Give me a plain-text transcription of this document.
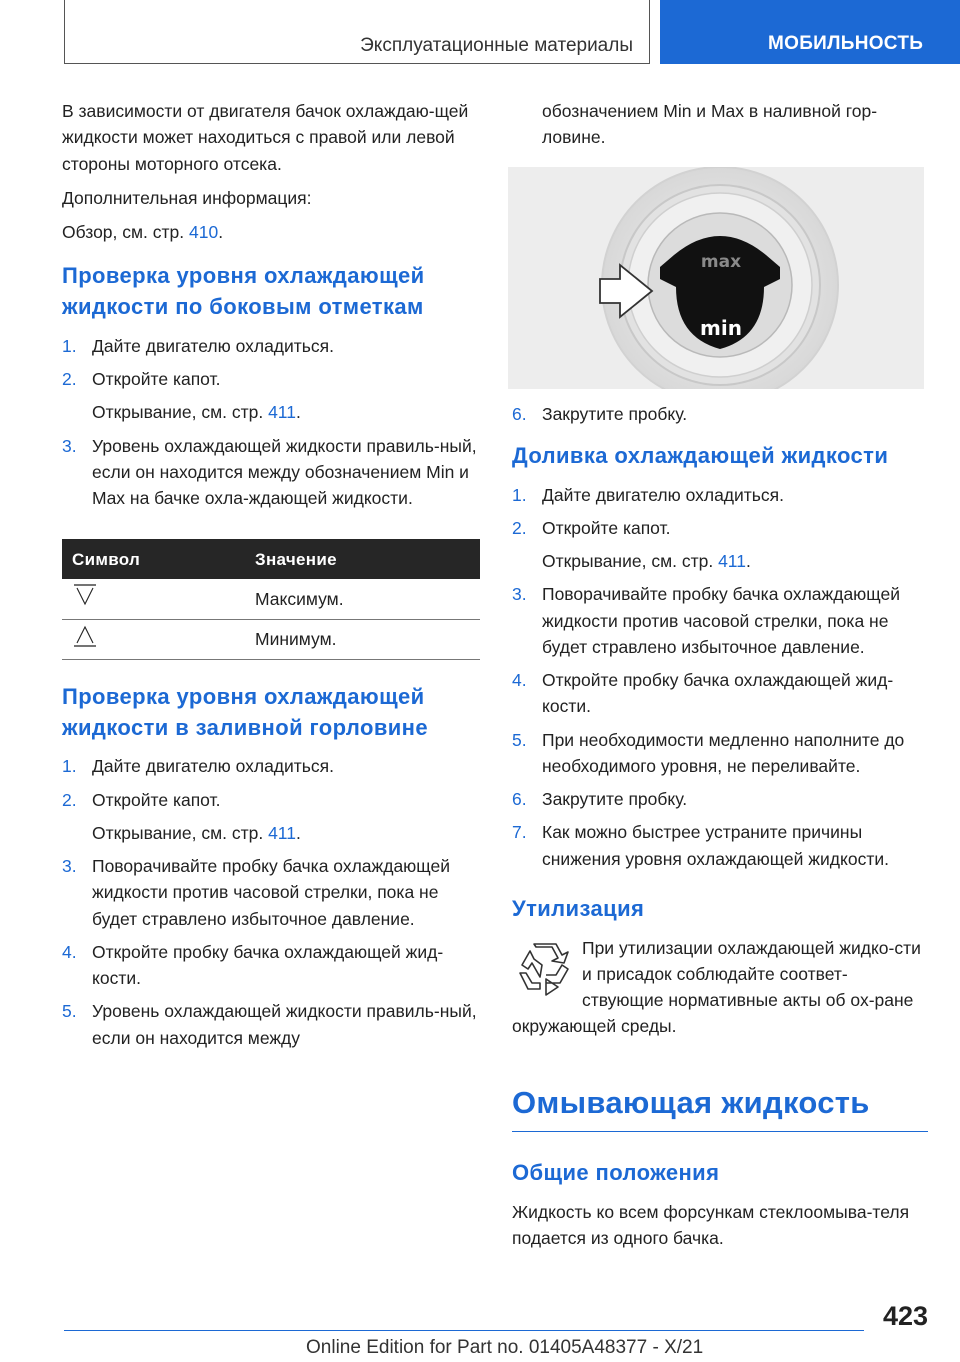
Эксплуатационные материалы	МОБИЛЬНОСТЬ

В зависимости от двигателя бачок охлаждаю-щей жидкости может находиться с правой или левой стороны моторного отсека.

Дополнительная информация:

Обзор, см. стр. 410.

Проверка уровня охлаждающей жидкости по боковым отметкам
1. Дайте двигателю охладиться.
2. Откройте капот.
Открывание, см. стр. 411.
3. Уровень охлаждающей жидкости правиль-ный, если он находится между обозначением Min и Max на бачке охла-ждающей жидкости.
Символ	Значение
	Максимум.
	Минимум.
Проверка уровня охлаждающей жидкости в заливной горловине
1. Дайте двигателю охладиться.
2. Откройте капот.
Открывание, см. стр. 411.
3. Поворачивайте пробку бачка охлаждающей жидкости против часовой стрелки, пока не будет стравлено избыточное давление.
4. Откройте пробку бачка охлаждающей жид-кости.
5. Уровень охлаждающей жидкости правиль-ный, если он находится между

обозначением Min и Max в наливной гор-ловине.

max
min
6. Закрутите пробку.
Доливка охлаждающей жидкости
1. Дайте двигателю охладиться.
2. Откройте капот.
Открывание, см. стр. 411.
3. Поворачивайте пробку бачка охлаждающей жидкости против часовой стрелки, пока не будет стравлено избыточное давление.
4. Откройте пробку бачка охлаждающей жид-кости.
5. При необходимости медленно наполните до необходимого уровня, не переливайте.
6. Закрутите пробку.
7. Как можно быстрее устраните причины снижения уровня охлаждающей жидкости.
Утилизация

При утилизации охлаждающей жидко-сти и присадок соблюдайте соответ-ствующие нормативные акты об ох-ране окружающей среды.

Омывающая жидкость
Общие положения

Жидкость ко всем форсункам стеклоомыва-теля подается из одного бачка.

423
Online Edition for Part no. 01405A48377 - X/21
